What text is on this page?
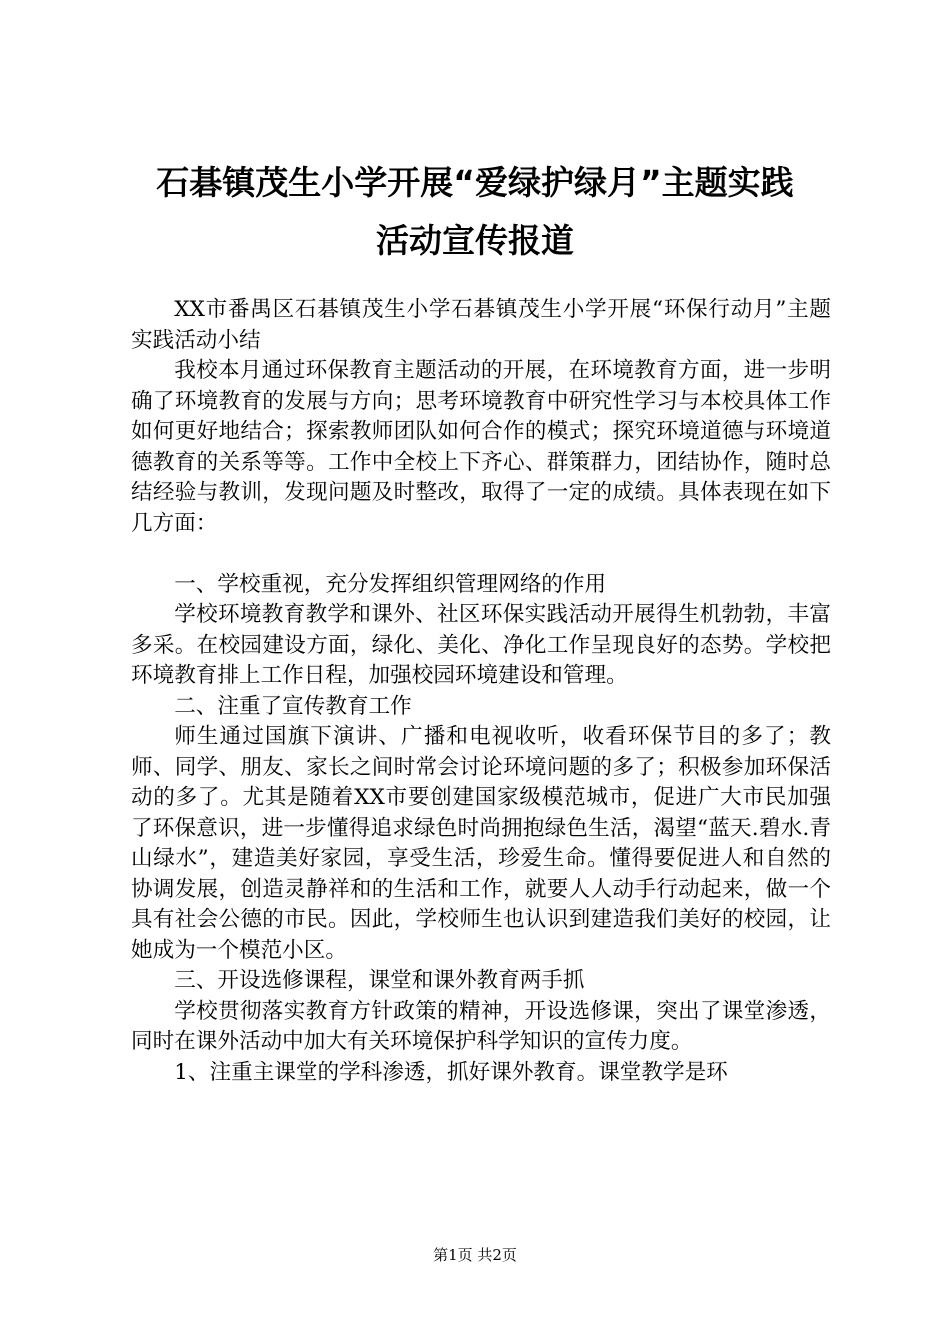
石碁镇茂生小学开展“爱绿护绿月”主题实践
活动宣传报道

XX市番禺区石碁镇茂生小学石碁镇茂生小学开展“环保行动月”主题实践活动小结

我校本月通过环保教育主题活动的开展，在环境教育方面，进一步明确了环境教育的发展与方向；思考环境教育中研究性学习与本校具体工作如何更好地结合；探索教师团队如何合作的模式；探究环境道德与环境道德教育的关系等等。工作中全校上下齐心、群策群力，团结协作，随时总结经验与教训，发现问题及时整改，取得了一定的成绩。具体表现在如下几方面：

一、学校重视，充分发挥组织管理网络的作用

学校环境教育教学和课外、社区环保实践活动开展得生机勃勃，丰富多采。在校园建设方面，绿化、美化、净化工作呈现良好的态势。学校把环境教育排上工作日程，加强校园环境建设和管理。

二、注重了宣传教育工作

师生通过国旗下演讲、广播和电视收听，收看环保节目的多了；教师、同学、朋友、家长之间时常会讨论环境问题的多了；积极参加环保活动的多了。尤其是随着XX市要创建国家级模范城市，促进广大市民加强了环保意识，进一步懂得追求绿色时尚拥抱绿色生活，渴望“蓝天.碧水.青山绿水”，建造美好家园，享受生活，珍爱生命。懂得要促进人和自然的协调发展，创造灵静祥和的生活和工作，就要人人动手行动起来，做一个具有社会公德的市民。因此，学校师生也认识到建造我们美好的校园，让她成为一个模范小区。

三、开设选修课程，课堂和课外教育两手抓

学校贯彻落实教育方针政策的精神，开设选修课，突出了课堂渗透，同时在课外活动中加大有关环境保护科学知识的宣传力度。

1、注重主课堂的学科渗透，抓好课外教育。课堂教学是环

第1页 共2页
